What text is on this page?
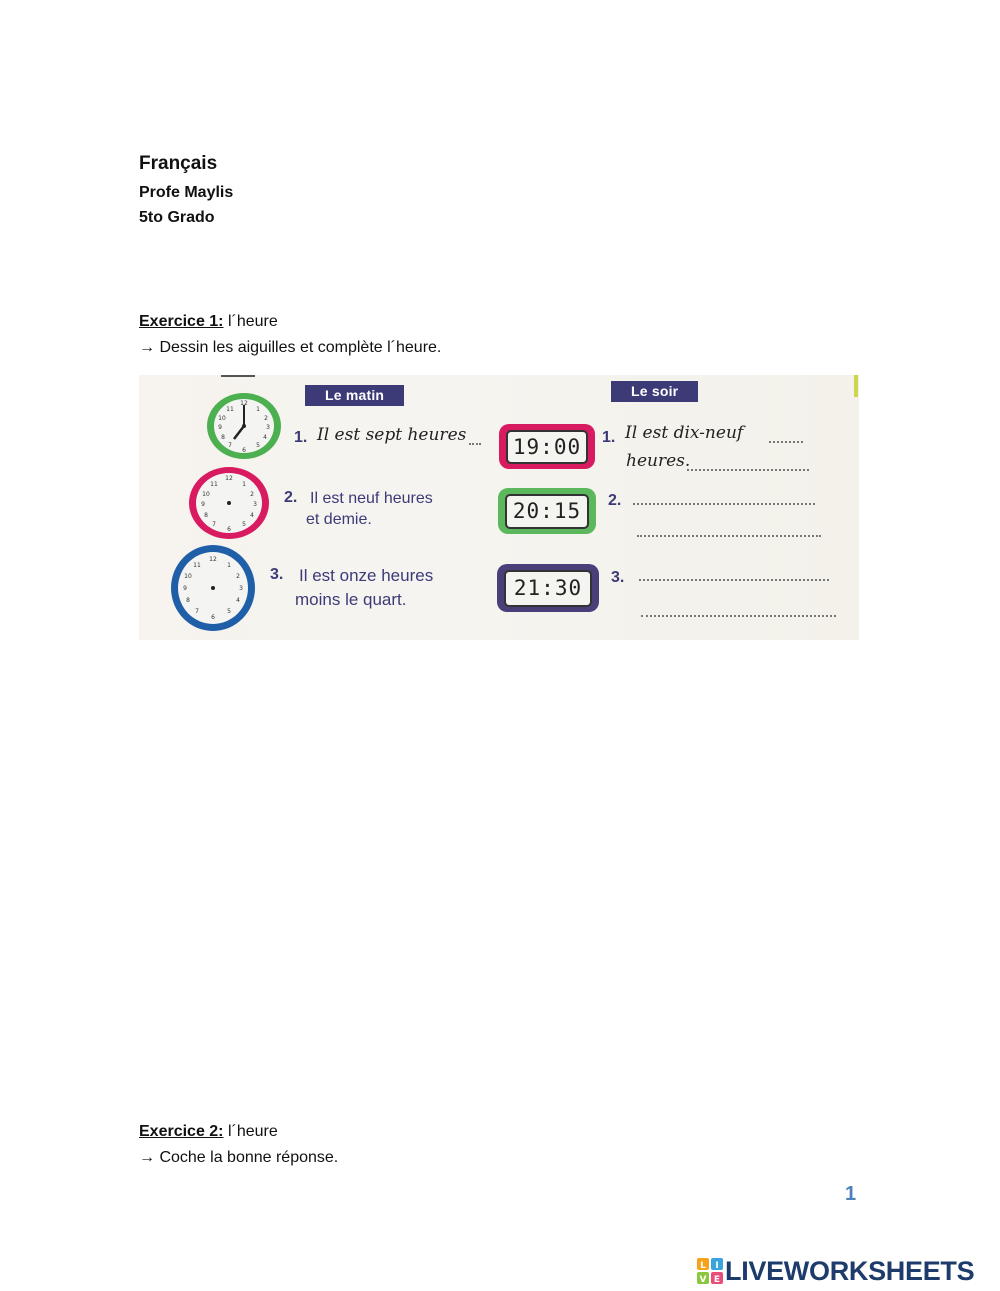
Français
Profe Maylis
5to Grado
Exercice 1: l´heure
→ Dessin les aiguilles et complète l´heure.
Le matin	Le soir
12
1
2
3
4
5
6
7
8
9
10
11
12
1
2
3
4
5
6
7
8
9
10
11
12
1
2
3
4
5
6
7
8
9
10
11
1. Il est sept heures
2. Il est neuf heures
et demie.
3. Il est onze heures
moins le quart.
19:00
20:15
21:30
1. Il est dix-neuf
heures.
2.
3.
Exercice 2: l´heure
→ Coche la bonne réponse.
1
L I
V E LIVEWORKSHEETS
